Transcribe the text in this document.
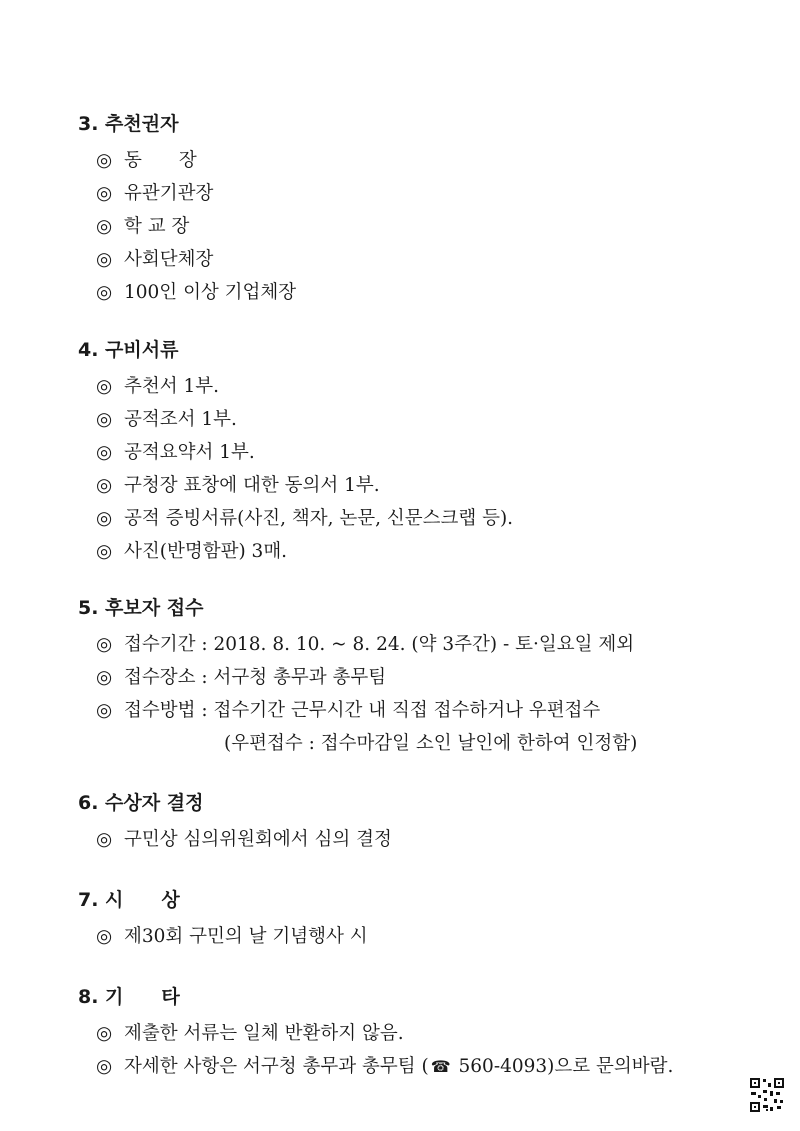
3. 추천권자
◎ 동　　장
◎ 유관기관장
◎ 학 교 장
◎ 사회단체장
◎ 100인 이상 기업체장
4. 구비서류
◎ 추천서 1부.
◎ 공적조서 1부.
◎ 공적요약서 1부.
◎ 구청장 표창에 대한 동의서 1부.
◎ 공적 증빙서류(사진, 책자, 논문, 신문스크랩 등).
◎ 사진(반명함판) 3매.
5. 후보자 접수
◎ 접수기간 : 2018. 8. 10. ~ 8. 24. (약 3주간) - 토·일요일 제외
◎ 접수장소 : 서구청 총무과 총무팀
◎ 접수방법 : 접수기간 근무시간 내 직접 접수하거나 우편접수
(우편접수 : 접수마감일 소인 날인에 한하여 인정함)
6. 수상자 결정
◎ 구민상 심의위원회에서 심의 결정
7. 시　　상
◎ 제30회 구민의 날 기념행사 시
8. 기　　타
◎ 제출한 서류는 일체 반환하지 않음.
◎ 자세한 사항은 서구청 총무과 총무팀 ( ☎ 560-4093)으로 문의바람.
